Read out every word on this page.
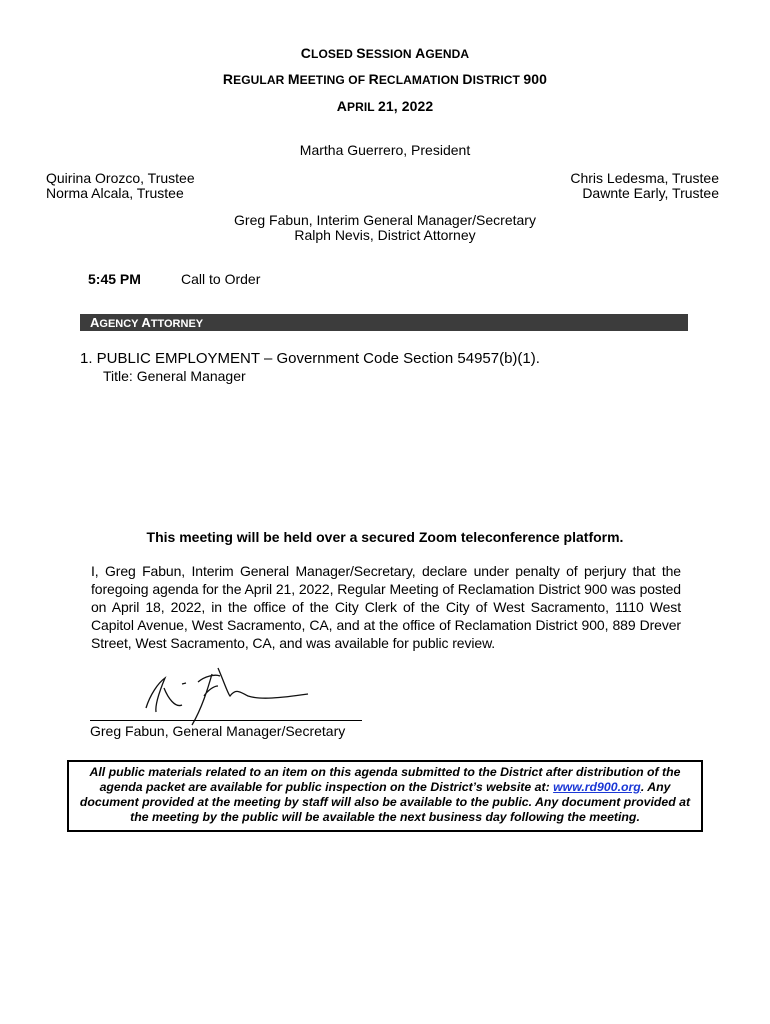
CLOSED SESSION AGENDA
REGULAR MEETING OF RECLAMATION DISTRICT 900
APRIL 21, 2022
Martha Guerrero, President
Quirina Orozco, Trustee
Norma Alcala, Trustee
Chris Ledesma, Trustee
Dawnte Early, Trustee
Greg Fabun, Interim General Manager/Secretary
Ralph Nevis, District Attorney
5:45 PM	Call to Order
AGENCY ATTORNEY
1. PUBLIC EMPLOYMENT – Government Code Section 54957(b)(1).
Title: General Manager
This meeting will be held over a secured Zoom teleconference platform.
I, Greg Fabun, Interim General Manager/Secretary, declare under penalty of perjury that the foregoing agenda for the April 21, 2022, Regular Meeting of Reclamation District 900 was posted on April 18, 2022, in the office of the City Clerk of the City of West Sacramento, 1110 West Capitol Avenue, West Sacramento, CA, and at the office of Reclamation District 900, 889 Drever Street, West Sacramento, CA, and was available for public review.
Greg Fabun, General Manager/Secretary
All public materials related to an item on this agenda submitted to the District after distribution of the agenda packet are available for public inspection on the District’s website at: www.rd900.org. Any document provided at the meeting by staff will also be available to the public. Any document provided at the meeting by the public will be available the next business day following the meeting.
